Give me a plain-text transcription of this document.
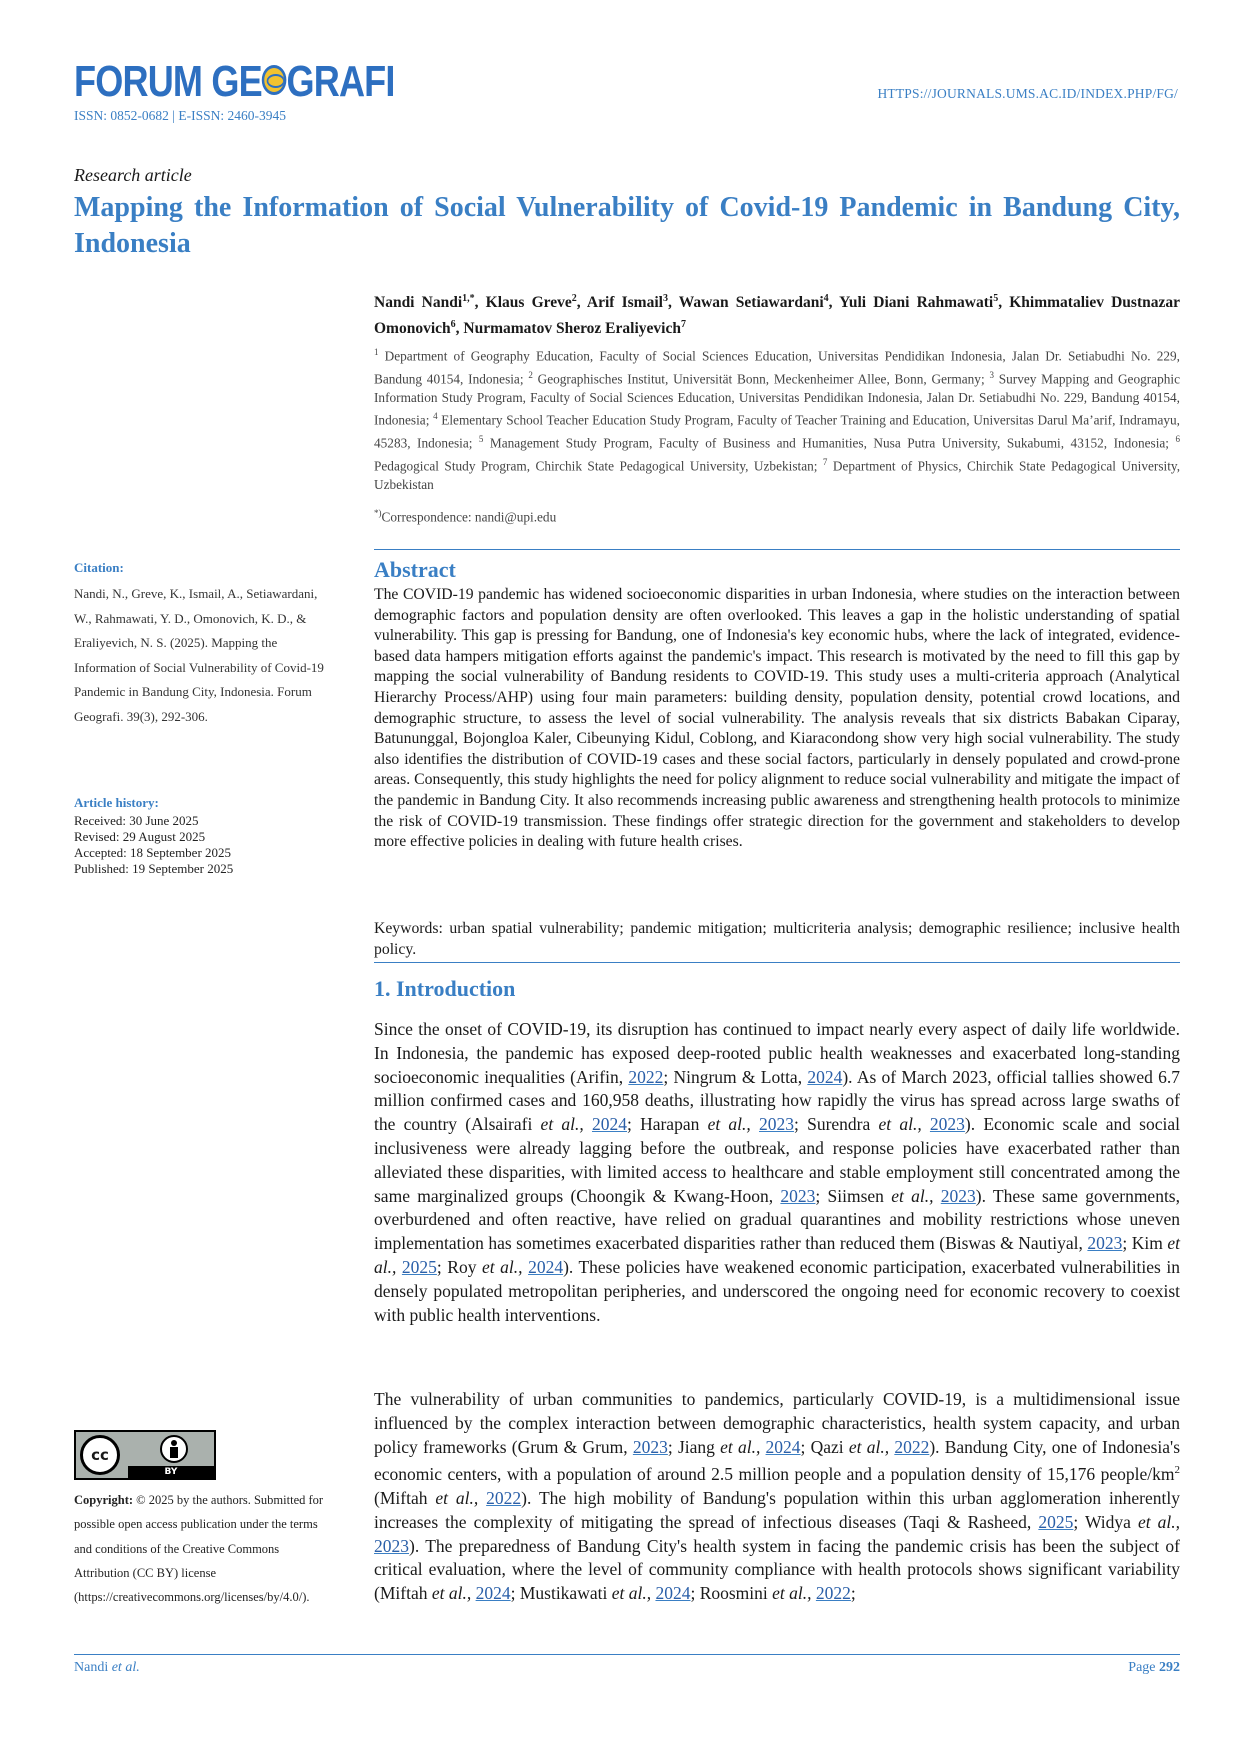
FORUM GE GRAFI
ISSN: 0852-0682 | E-ISSN: 2460-3945
HTTPS://JOURNALS.UMS.AC.ID/INDEX.PHP/FG/
Research article
Mapping the Information of Social Vulnerability of Covid-19 Pandemic in Bandung City, Indonesia
Nandi Nandi$^{1,*}$, Klaus Greve$^2$, Arif Ismail$^3$, Wawan Setiawardani$^4$, Yuli Diani Rahmawati$^5$, Khimmataliev Dustnazar Omonovich$^6$, Nurmamatov Sheroz Eraliyevich$^7$
$^1$ Department of Geography Education, Faculty of Social Sciences Education, Universitas Pendidikan Indonesia, Jalan Dr. Setiabudhi No. 229, Bandung 40154, Indonesia; $^2$ Geographisches Institut, Universität Bonn, Meckenheimer Allee, Bonn, Germany; $^3$ Survey Mapping and Geographic Information Study Program, Faculty of Social Sciences Education, Universitas Pendidikan Indonesia, Jalan Dr. Setiabudhi No. 229, Bandung 40154, Indonesia; $^4$ Elementary School Teacher Education Study Program, Faculty of Teacher Training and Education, Universitas Darul Ma’arif, Indramayu, 45283, Indonesia; $^5$ Management Study Program, Faculty of Business and Humanities, Nusa Putra University, Sukabumi, 43152, Indonesia; $^6$ Pedagogical Study Program, Chirchik State Pedagogical University, Uzbekistan; $^7$ Department of Physics, Chirchik State Pedagogical University, Uzbekistan
*)Correspondence: nandi@upi.edu
Citation:
Nandi, N., Greve, K., Ismail, A., Setiawardani, W., Rahmawati, Y. D., Omonovich, K. D., & Eraliyevich, N. S. (2025). Mapping the Information of Social Vulnerability of Covid-19 Pandemic in Bandung City, Indonesia. Forum Geografi. 39(3), 292-306.
Article history:
Received: 30 June 2025
Revised: 29 August 2025
Accepted: 18 September 2025
Published: 19 September 2025
cc
BY
Copyright: © 2025 by the authors. Submitted for possible open access publication under the terms and conditions of the Creative Commons Attribution (CC BY) license (https://creativecommons.org/licenses/by/4.0/).
Abstract
The COVID-19 pandemic has widened socioeconomic disparities in urban Indonesia, where studies on the interaction between demographic factors and population density are often overlooked. This leaves a gap in the holistic understanding of spatial vulnerability. This gap is pressing for Bandung, one of Indonesia's key economic hubs, where the lack of integrated, evidence-based data hampers mitigation efforts against the pandemic's impact. This research is motivated by the need to fill this gap by mapping the social vulnerability of Bandung residents to COVID-19. This study uses a multi-criteria approach (Analytical Hierarchy Process/AHP) using four main parameters: building density, population density, potential crowd locations, and demographic structure, to assess the level of social vulnerability. The analysis reveals that six districts Babakan Ciparay, Batununggal, Bojongloa Kaler, Cibeunying Kidul, Coblong, and Kiaracondong show very high social vulnerability. The study also identifies the distribution of COVID-19 cases and these social factors, particularly in densely populated and crowd-prone areas. Consequently, this study highlights the need for policy alignment to reduce social vulnerability and mitigate the impact of the pandemic in Bandung City. It also recommends increasing public awareness and strengthening health protocols to minimize the risk of COVID-19 transmission. These findings offer strategic direction for the government and stakeholders to develop more effective policies in dealing with future health crises.
Keywords: urban spatial vulnerability; pandemic mitigation; multicriteria analysis; demographic resilience; inclusive health policy.
1. Introduction
Since the onset of COVID-19, its disruption has continued to impact nearly every aspect of daily life worldwide. In Indonesia, the pandemic has exposed deep-rooted public health weaknesses and exacerbated long-standing socioeconomic inequalities (Arifin, 2022; Ningrum & Lotta, 2024). As of March 2023, official tallies showed 6.7 million confirmed cases and 160,958 deaths, illustrating how rapidly the virus has spread across large swaths of the country (Alsairafi et al., 2024; Harapan et al., 2023; Surendra et al., 2023). Economic scale and social inclusiveness were already lagging before the outbreak, and response policies have exacerbated rather than alleviated these disparities, with limited access to healthcare and stable employment still concentrated among the same marginalized groups (Choongik & Kwang-Hoon, 2023; Siimsen et al., 2023). These same governments, overburdened and often reactive, have relied on gradual quarantines and mobility restrictions whose uneven implementation has sometimes exacerbated disparities rather than reduced them (Biswas & Nautiyal, 2023; Kim et al., 2025; Roy et al., 2024). These policies have weakened economic participation, exacerbated vulnerabilities in densely populated metropolitan peripheries, and underscored the ongoing need for economic recovery to coexist with public health interventions.
The vulnerability of urban communities to pandemics, particularly COVID-19, is a multidimensional issue influenced by the complex interaction between demographic characteristics, health system capacity, and urban policy frameworks (Grum & Grum, 2023; Jiang et al., 2024; Qazi et al., 2022). Bandung City, one of Indonesia's economic centers, with a population of around 2.5 million people and a population density of 15,176 people/$km^2$ (Miftah et al., 2022). The high mobility of Bandung's population within this urban agglomeration inherently increases the complexity of mitigating the spread of infectious diseases (Taqi & Rasheed, 2025; Widya et al., 2023). The preparedness of Bandung City's health system in facing the pandemic crisis has been the subject of critical evaluation, where the level of community compliance with health protocols shows significant variability (Miftah et al., 2024; Mustikawati et al., 2024; Roosmini et al., 2022;
Nandi et al.	Page 292
